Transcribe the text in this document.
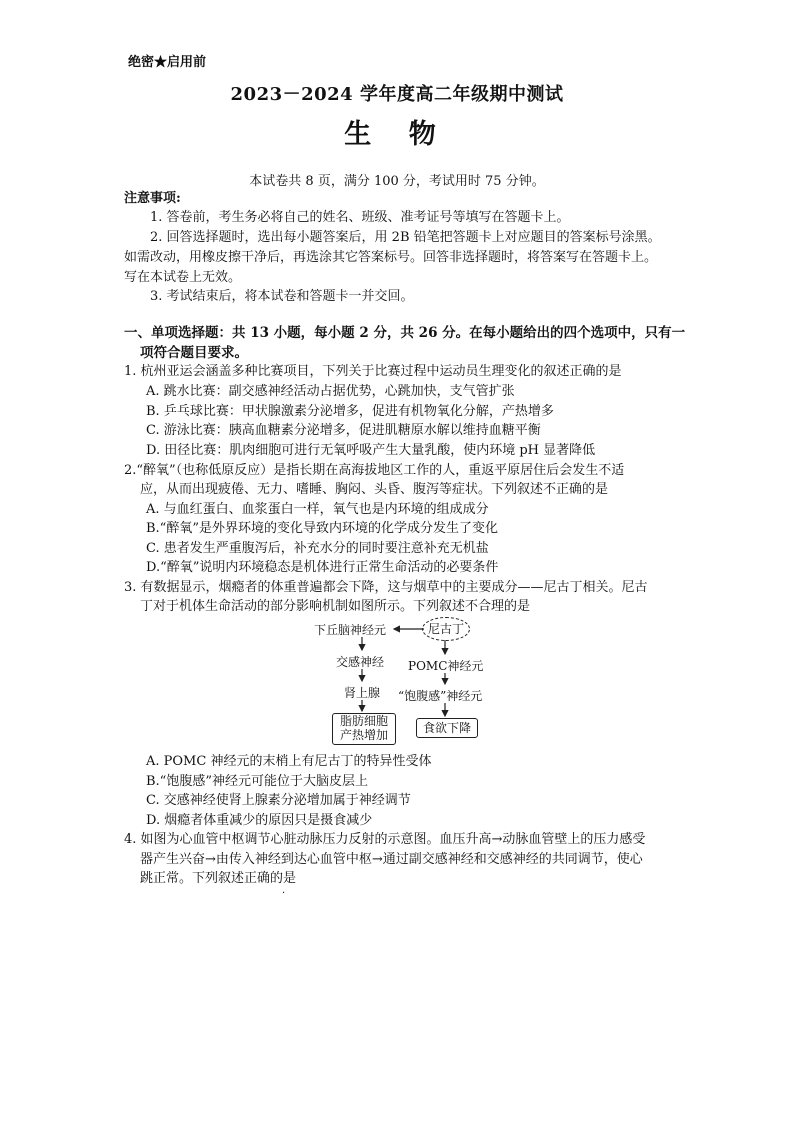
绝密★启用前
2023－2024 学年度高二年级期中测试
生 物
本试卷共 8 页，满分 100 分，考试用时 75 分钟。
注意事项:
1. 答卷前，考生务必将自己的姓名、班级、准考证号等填写在答题卡上。
2. 回答选择题时，选出每小题答案后，用 2B 铅笔把答题卡上对应题目的答案标号涂黑。
如需改动，用橡皮擦干净后，再选涂其它答案标号。回答非选择题时，将答案写在答题卡上。
写在本试卷上无效。
3. 考试结束后，将本试卷和答题卡一并交回。
一、单项选择题：共 13 小题，每小题 2 分，共 26 分。在每小题给出的四个选项中，只有一
项符合题目要求。
1. 杭州亚运会涵盖多种比赛项目，下列关于比赛过程中运动员生理变化的叙述正确的是
A. 跳水比赛：副交感神经活动占据优势，心跳加快，支气管扩张
B. 乒乓球比赛：甲状腺激素分泌增多，促进有机物氧化分解，产热增多
C. 游泳比赛：胰高血糖素分泌增多，促进肌糖原水解以维持血糖平衡
D. 田径比赛：肌肉细胞可进行无氧呼吸产生大量乳酸，使内环境 pH 显著降低
2.“醉氧”（也称低原反应）是指长期在高海拔地区工作的人，重返平原居住后会发生不适
应，从而出现疲倦、无力、嗜睡、胸闷、头昏、腹泻等症状。下列叙述不正确的是
A. 与血红蛋白、血浆蛋白一样，氧气也是内环境的组成成分
B.“醉氧”是外界环境的变化导致内环境的化学成分发生了变化
C. 患者发生严重腹泻后，补充水分的同时要注意补充无机盐
D.“醉氧”说明内环境稳态是机体进行正常生命活动的必要条件
3. 有数据显示，烟瘾者的体重普遍都会下降，这与烟草中的主要成分——尼古丁相关。尼古
丁对于机体生命活动的部分影响机制如图所示。下列叙述不合理的是
下丘脑神经元	尼古丁
交感神经 POMC神经元
肾上腺 “饱腹感”神经元
脂肪细胞
产热增加	食欲下降
A. POMC 神经元的末梢上有尼古丁的特异性受体
B.“饱腹感”神经元可能位于大脑皮层上
C. 交感神经使肾上腺素分泌增加属于神经调节
D. 烟瘾者体重减少的原因只是摄食减少
4. 如图为心血管中枢调节心脏动脉压力反射的示意图。血压升高→动脉血管壁上的压力感受
器产生兴奋→由传入神经到达心血管中枢→通过副交感神经和交感神经的共同调节，使心
跳正常。下列叙述正确的是
·
